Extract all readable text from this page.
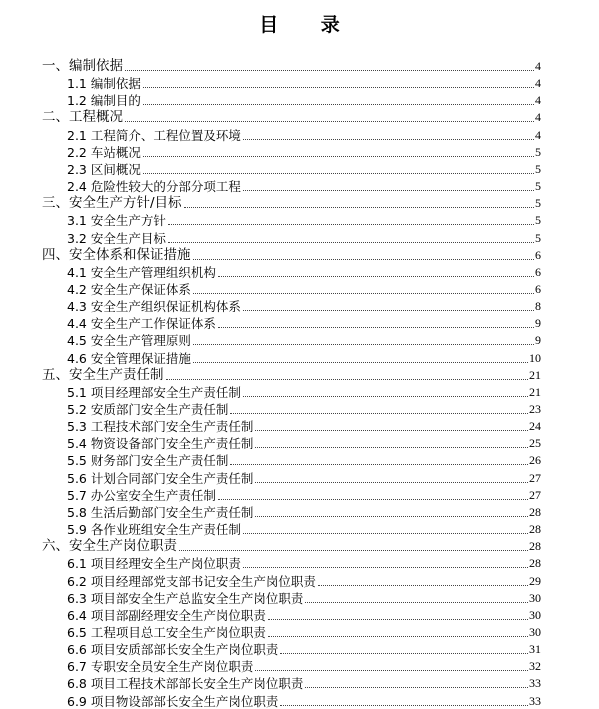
目 录
一、编制依据	4
1.1 编制依据	4
1.2 编制目的	4
二、工程概况	4
2.1 工程简介、工程位置及环境	4
2.2 车站概况	5
2.3 区间概况	5
2.4 危险性较大的分部分项工程	5
三、安全生产方针/目标	5
3.1 安全生产方针	5
3.2 安全生产目标	5
四、安全体系和保证措施	6
4.1 安全生产管理组织机构	6
4.2 安全生产保证体系	6
4.3 安全生产组织保证机构体系	8
4.4 安全生产工作保证体系	9
4.5 安全生产管理原则	9
4.6 安全管理保证措施	10
五、安全生产责任制	21
5.1 项目经理部安全生产责任制	21
5.2 安质部门安全生产责任制	23
5.3 工程技术部门安全生产责任制	24
5.4 物资设备部门安全生产责任制	25
5.5 财务部门安全生产责任制	26
5.6 计划合同部门安全生产责任制	27
5.7 办公室安全生产责任制	27
5.8 生活后勤部门安全生产责任制	28
5.9 各作业班组安全生产责任制	28
六、安全生产岗位职责	28
6.1 项目经理安全生产岗位职责	28
6.2 项目经理部党支部书记安全生产岗位职责	29
6.3 项目部安全生产总监安全生产岗位职责	30
6.4 项目部副经理安全生产岗位职责	30
6.5 工程项目总工安全生产岗位职责	30
6.6 项目安质部部长安全生产岗位职责	31
6.7 专职安全员安全生产岗位职责	32
6.8 项目工程技术部部长安全生产岗位职责	33
6.9 项目物设部部长安全生产岗位职责	33
